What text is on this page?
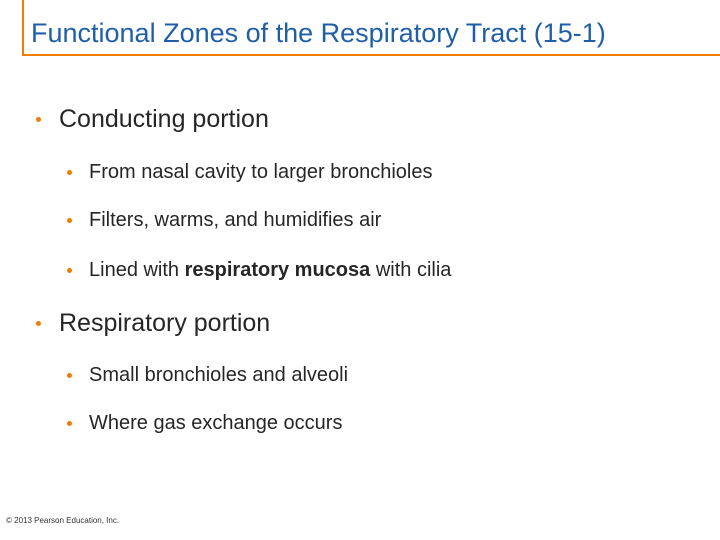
Functional Zones of the Respiratory Tract (15-1)
Conducting portion
From nasal cavity to larger bronchioles
Filters, warms, and humidifies air
Lined with respiratory mucosa with cilia
Respiratory portion
Small bronchioles and alveoli
Where gas exchange occurs
© 2013 Pearson Education, Inc.
